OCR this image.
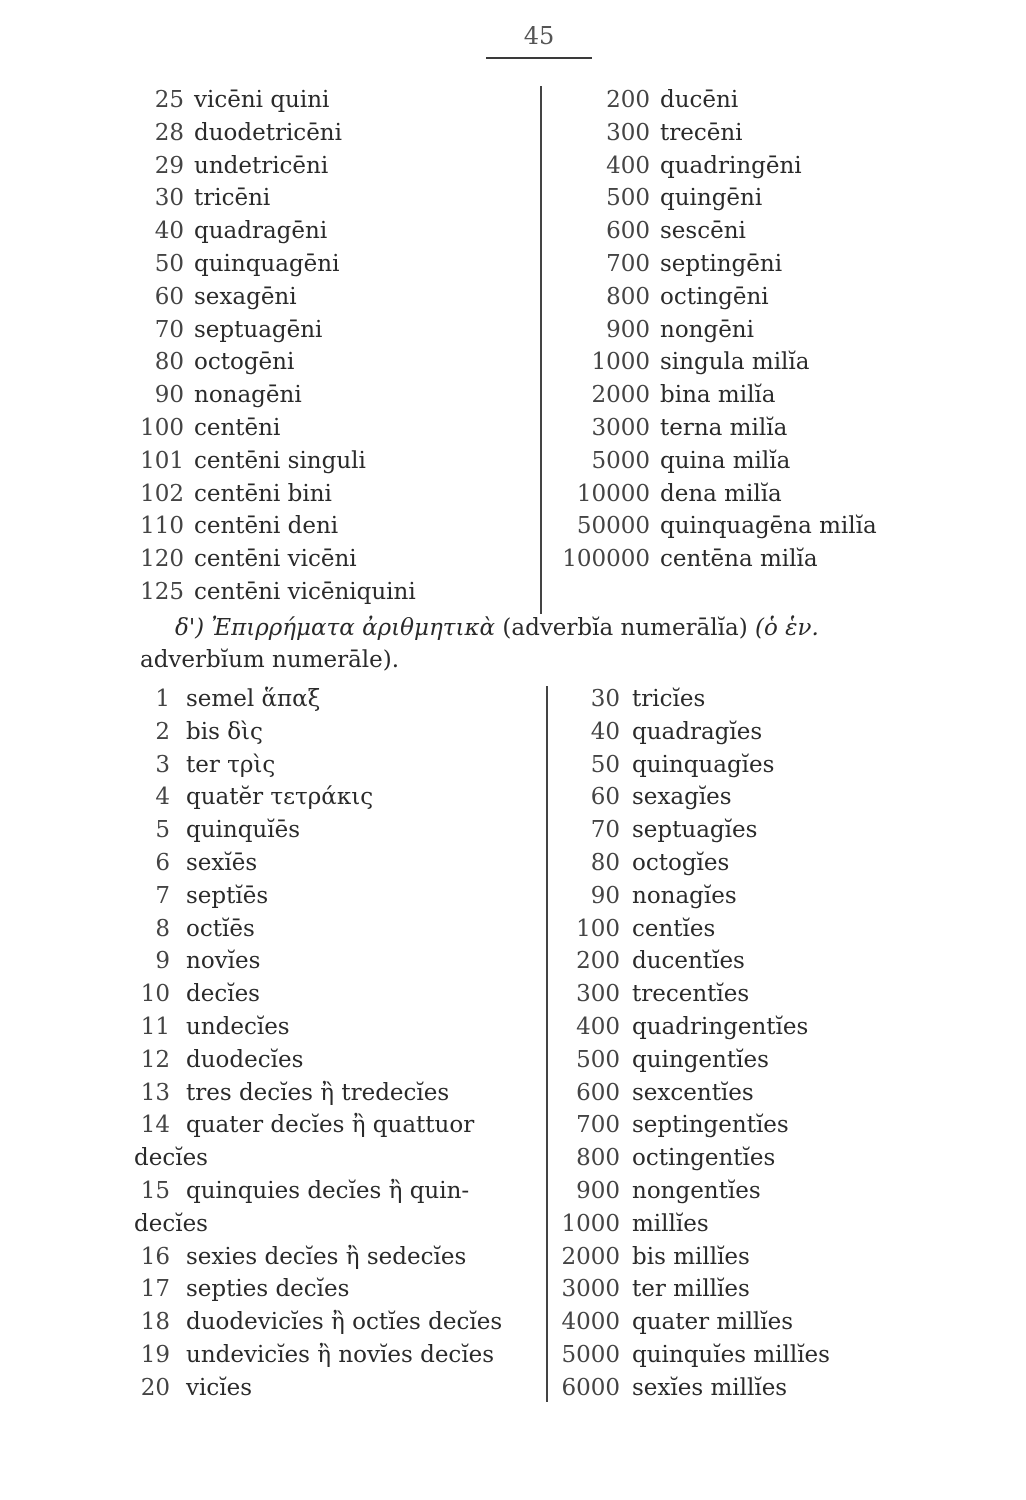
45
25 vicēni quini
28 duodetricēni
29 undetricēni
30 tricēni
40 quadragēni
50 quinquagēni
60 sexagēni
70 septuagēni
80 octogēni
90 nonagēni
100 centēni
101 centēni singuli
102 centēni bini
110 centēni deni
120 centēni vicēni
125 centēni vicēniquini
200 ducēni
300 trecēni
400 quadringēni
500 quingēni
600 sescēni
700 septingēni
800 octingēni
900 nongēni
1000 singula milĭa
2000 bina milĭa
3000 terna milĭa
5000 quina milĭa
10000 dena milĭa
50000 quinquagēna milĭa
100000 centēna milĭa
δ') Ἐπιρρήματα ἀριθμητικὰ (adverbĭa numerālĭa) (ὁ ἑν. adverbĭum numerāle).
1 semel ἅπαξ
2 bis δὶς
3 ter τρὶς
4 quatĕr τετράκις
5 quinquĭēs
6 sexĭēs
7 septĭēs
8 octĭēs
9 novĭes
10 decĭes
11 undecĭes
12 duodecĭes
13 tres decĭes ἢ tredecĭes
14 quater decĭes ἢ quattuor
decĭes
15 quinquies decĭes ἢ quin-
decĭes
16 sexies decĭes ἢ sedecĭes
17 septies decĭes
18 duodevicĭes ἢ octĭes decĭes
19 undevicĭes ἢ novĭes decĭes
20 vicĭes
30 tricĭes
40 quadragĭes
50 quinquagĭes
60 sexagĭes
70 septuagĭes
80 octogĭes
90 nonagĭes
100 centĭes
200 ducentĭes
300 trecentĭes
400 quadringentĭes
500 quingentĭes
600 sexcentĭes
700 septingentĭes
800 octingentĭes
900 nongentĭes
1000 millĭes
2000 bis millĭes
3000 ter millĭes
4000 quater millĭes
5000 quinquĭes millĭes
6000 sexĭes millĭes
